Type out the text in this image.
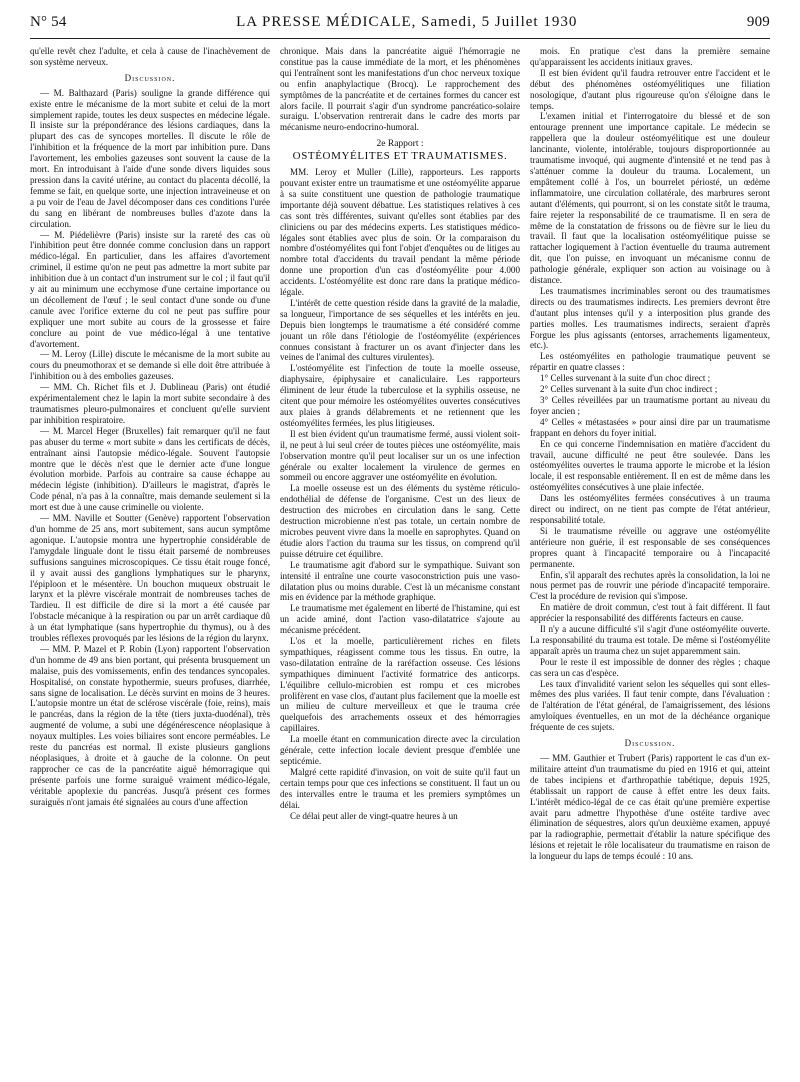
N° 54	LA PRESSE MÉDICALE, Samedi, 5 Juillet 1930	909

qu'elle revêt chez l'adulte, et cela à cause de l'inachèvement de son système nerveux.

Discussion.

— M. Balthazard (Paris) souligne la grande différence qui existe entre le mécanisme de la mort subite et celui de la mort simplement rapide, toutes les deux suspectes en médecine légale. Il insiste sur la prépondérance des lésions cardiaques, dans la plupart des cas de syncopes mortelles. Il discute le rôle de l'inhibition et la fréquence de la mort par inhibition pure. Dans l'avortement, les embolies gazeuses sont souvent la cause de la mort. En introduisant à l'aide d'une sonde divers liquides sous pression dans la cavité utérine, au contact du placenta décollé, la femme se fait, en quelque sorte, une injection intraveineuse et on a pu voir de l'eau de Javel décomposer dans ces conditions l'urée du sang en libérant de nombreuses bulles d'azote dans la circulation.

— M. Piédelièvre (Paris) insiste sur la rareté des cas où l'inhibition peut être donnée comme conclusion dans un rapport médico-légal. En particulier, dans les affaires d'avortement criminel, il estime qu'on ne peut pas admettre la mort subite par inhibition due à un contact d'un instrument sur le col ; il faut qu'il y ait au minimum une ecchymose d'une certaine importance ou un décollement de l'œuf ; le seul contact d'une sonde ou d'une canule avec l'orifice externe du col ne peut pas suffire pour expliquer une mort subite au cours de la grossesse et faire conclure au point de vue médico-légal à une tentative d'avortement.

— M. Leroy (Lille) discute le mécanisme de la mort subite au cours du pneumothorax et se demande si elle doit être attribuée à l'inhibition ou à des embolies gazeuses.

— MM. Ch. Richet fils et J. Dublineau (Paris) ont étudié expérimentalement chez le lapin la mort subite secondaire à des traumatismes pleuro-pulmonaires et concluent qu'elle survient par inhibition respiratoire.

— M. Marcel Heger (Bruxelles) fait remarquer qu'il ne faut pas abuser du terme « mort subite » dans les certificats de décès, entraînant ainsi l'autopsie médico-légale. Souvent l'autopsie montre que le décès n'est que le dernier acte d'une longue évolution morbide. Parfois au contraire sa cause échappe au médecin légiste (inhibition). D'ailleurs le magistrat, d'après le Code pénal, n'a pas à la connaître, mais demande seulement si la mort est due à une cause criminelle ou violente.

— MM. Naville et Soutter (Genève) rapportent l'observation d'un homme de 25 ans, mort subitement, sans aucun symptôme agonique. L'autopsie montra une hypertrophie considérable de l'amygdale linguale dont le tissu était parsemé de nombreuses suffusions sanguines microscopiques. Ce tissu était rouge foncé, il y avait aussi des ganglions lymphatiques sur le pharynx, l'épiploon et le mésentère. Un bouchon muqueux obstruait le larynx et la plèvre viscérale montrait de nombreuses taches de Tardieu. Il est difficile de dire si la mort a été causée par l'obstacle mécanique à la respiration ou par un arrêt cardiaque dû à un état lymphatique (sans hypertrophie du thymus), ou à des troubles réflexes provoqués par les lésions de la région du larynx.

— MM. P. Mazel et P. Robin (Lyon) rapportent l'observation d'un homme de 49 ans bien portant, qui présenta brusquement un malaise, puis des vomissements, enfin des tendances syncopales. Hospitalisé, on constate hypothermie, sueurs profuses, diarrhée, sans signe de localisation. Le décès survint en moins de 3 heures. L'autopsie montre un état de sclérose viscérale (foie, reins), mais le pancréas, dans la région de la tête (tiers juxta-duodénal), très augmenté de volume, a subi une dégénérescence néoplasique à noyaux multiples. Les voies biliaires sont encore perméables. Le reste du pancréas est normal. Il existe plusieurs ganglions néoplasiques, à droite et à gauche de la colonne. On peut rapprocher ce cas de la pancréatite aiguë hémorragique qui présente parfois une forme suraiguë vraiment médico-légale, véritable apoplexie du pancréas. Jusqu'à présent ces formes suraiguës n'ont jamais été signalées au cours d'une affection

chronique. Mais dans la pancréatite aiguë l'hémorragie ne constitue pas la cause immédiate de la mort, et les phénomènes qui l'entraînent sont les manifestations d'un choc nerveux toxique ou enfin anaphylactique (Brocq). Le rapprochement des symptômes de la pancréatite et de certaines formes du cancer est alors facile. Il pourrait s'agir d'un syndrome pancréatico-solaire suraigu. L'observation rentrerait dans le cadre des morts par mécanisme neuro-endocrino-humoral.

2e Rapport :
OSTÉOMYÉLITES ET TRAUMATISMES.

MM. Leroy et Muller (Lille), rapporteurs. Les rapports pouvant exister entre un traumatisme et une ostéomyélite apparue à sa suite constituent une question de pathologie traumatique importante déjà souvent débattue. Les statistiques relatives à ces cas sont très différentes, suivant qu'elles sont établies par des cliniciens ou par des médecins experts. Les statistiques médico-légales sont établies avec plus de soin. Or la comparaison du nombre d'ostéomyélites qui font l'objet d'enquêtes ou de litiges au nombre total d'accidents du travail pendant la même période donne une proportion d'un cas d'ostéomyélite pour 4.000 accidents. L'ostéomyélite est donc rare dans la pratique médico-légale.

L'intérêt de cette question réside dans la gravité de la maladie, sa longueur, l'importance de ses séquelles et les intérêts en jeu. Depuis bien longtemps le traumatisme a été considéré comme jouant un rôle dans l'étiologie de l'ostéomyélite (expériences connues consistant à fracturer un os avant d'injecter dans les veines de l'animal des cultures virulentes).

L'ostéomyélite est l'infection de toute la moelle osseuse, diaphysaire, épiphysaire et canaliculaire. Les rapporteurs éliminent de leur étude la tuberculose et la syphilis osseuse, ne citent que pour mémoire les ostéomyélites ouvertes consécutives aux plaies à grands délabrements et ne retiennent que les ostéomyélites fermées, les plus litigieuses.

Il est bien évident qu'un traumatisme fermé, aussi violent soit-il, ne peut à lui seul créer de toutes pièces une ostéomyélite, mais l'observation montre qu'il peut localiser sur un os une infection générale ou exalter localement la virulence de germes en sommeil ou encore aggraver une ostéomyélite en évolution.

La moelle osseuse est un des éléments du système réticulo-endothélial de défense de l'organisme. C'est un des lieux de destruction des microbes en circulation dans le sang. Cette destruction microbienne n'est pas totale, un certain nombre de microbes peuvent vivre dans la moelle en saprophytes. Quand on étudie alors l'action du trauma sur les tissus, on comprend qu'il puisse détruire cet équilibre.

Le traumatisme agit d'abord sur le sympathique. Suivant son intensité il entraîne une courte vasoconstriction puis une vaso-dilatation plus ou moins durable. C'est là un mécanisme constant mis en évidence par la méthode graphique.

Le traumatisme met également en liberté de l'histamine, qui est un acide aminé, dont l'action vaso-dilatatrice s'ajoute au mécanisme précédent.

L'os et la moelle, particulièrement riches en filets sympathiques, réagissent comme tous les tissus. En outre, la vaso-dilatation entraîne de la raréfaction osseuse. Ces lésions sympathiques diminuent l'activité formatrice des anticorps. L'équilibre cellulo-microbien est rompu et ces microbes prolifèrent en vase clos, d'autant plus facilement que la moelle est un milieu de culture merveilleux et que le trauma crée quelquefois des arrachements osseux et des hémorragies capillaires.

La moelle étant en communication directe avec la circulation générale, cette infection locale devient presque d'emblée une septicémie.

Malgré cette rapidité d'invasion, on voit de suite qu'il faut un certain temps pour que ces infections se constituent. Il faut un ou des intervalles entre le trauma et les premiers symptômes un délai.

Ce délai peut aller de vingt-quatre heures à un

mois. En pratique c'est dans la première semaine qu'apparaissent les accidents initiaux graves.

Il est bien évident qu'il faudra retrouver entre l'accident et le début des phénomènes ostéomyélitiques une filiation nosologique, d'autant plus rigoureuse qu'on s'éloigne dans le temps.

L'examen initial et l'interrogatoire du blessé et de son entourage prennent une importance capitale. Le médecin se rappellera que la douleur ostéomyélitique est une douleur lancinante, violente, intolérable, toujours disproportionnée au traumatisme invoqué, qui augmente d'intensité et ne tend pas à s'atténuer comme la douleur du trauma. Localement, un empâtement collé à l'os, un bourrelet périosté, un œdème inflammatoire, une circulation collatérale, des marbrures seront autant d'éléments, qui pourront, si on les constate sitôt le trauma, faire rejeter la responsabilité de ce traumatisme. Il en sera de même de la constatation de frissons ou de fièvre sur le lieu du travail. Il faut que la localisation ostéomyélitique puisse se rattacher logiquement à l'action éventuelle du trauma autrement dit, que l'on puisse, en invoquant un mécanisme connu de pathologie générale, expliquer son action au voisinage ou à distance.

Les traumatismes incriminables seront ou des traumatismes directs ou des traumatismes indirects. Les premiers devront être d'autant plus intenses qu'il y a interposition plus grande des parties molles. Les traumatismes indirects, seraient d'après Forgue les plus agissants (entorses, arrachements ligamenteux, etc.).

Les ostéomyélites en pathologie traumatique peuvent se répartir en quatre classes :

1° Celles survenant à la suite d'un choc direct ;

2° Celles survenant à la suite d'un choc indirect ;

3° Celles réveillées par un traumatisme portant au niveau du foyer ancien ;

4° Celles « métastasées » pour ainsi dire par un traumatisme frappant en dehors du foyer initial.

En ce qui concerne l'indemnisation en matière d'accident du travail, aucune difficulté ne peut être soulevée. Dans les ostéomyélites ouvertes le trauma apporte le microbe et la lésion locale, il est responsable entièrement. Il en est de même dans les ostéomyélites consécutives à une plaie infectée.

Dans les ostéomyélites fermées consécutives à un trauma direct ou indirect, on ne tient pas compte de l'état antérieur, responsabilité totale.

Si le traumatisme réveille ou aggrave une ostéomyélite antérieure non guérie, il est responsable de ses conséquences propres quant à l'incapacité temporaire ou à l'incapacité permanente.

Enfin, s'il apparaît des rechutes après la consolidation, la loi ne nous permet pas de rouvrir une période d'incapacité temporaire. C'est la procédure de revision qui s'impose.

En matière de droit commun, c'est tout à fait différent. Il faut apprécier la responsabilité des différents facteurs en cause.

Il n'y a aucune difficulté s'il s'agit d'une ostéomyélite ouverte. La responsabilité du trauma est totale. De même si l'ostéomyélite apparaît après un trauma chez un sujet apparemment sain.

Pour le reste il est impossible de donner des règles ; chaque cas sera un cas d'espèce.

Les taux d'invalidité varient selon les séquelles qui sont elles-mêmes des plus variées. Il faut tenir compte, dans l'évaluation : de l'altération de l'état général, de l'amaigrissement, des lésions amyloïques éventuelles, en un mot de la déchéance organique fréquente de ces sujets.

Discussion.

— MM. Gauthier et Trubert (Paris) rapportent le cas d'un ex-militaire atteint d'un traumatisme du pied en 1916 et qui, atteint de tabes incipiens et d'arthropathie tabétique, depuis 1925, établissait un rapport de cause à effet entre les deux faits. L'intérêt médico-légal de ce cas était qu'une première expertise avait paru admettre l'hypothèse d'une ostéite tardive avec élimination de séquestres, alors qu'un deuxième examen, appuyé par la radiographie, permettait d'établir la nature spécifique des lésions et rejetait le rôle localisateur du traumatisme en raison de la longueur du laps de temps écoulé : 10 ans.
